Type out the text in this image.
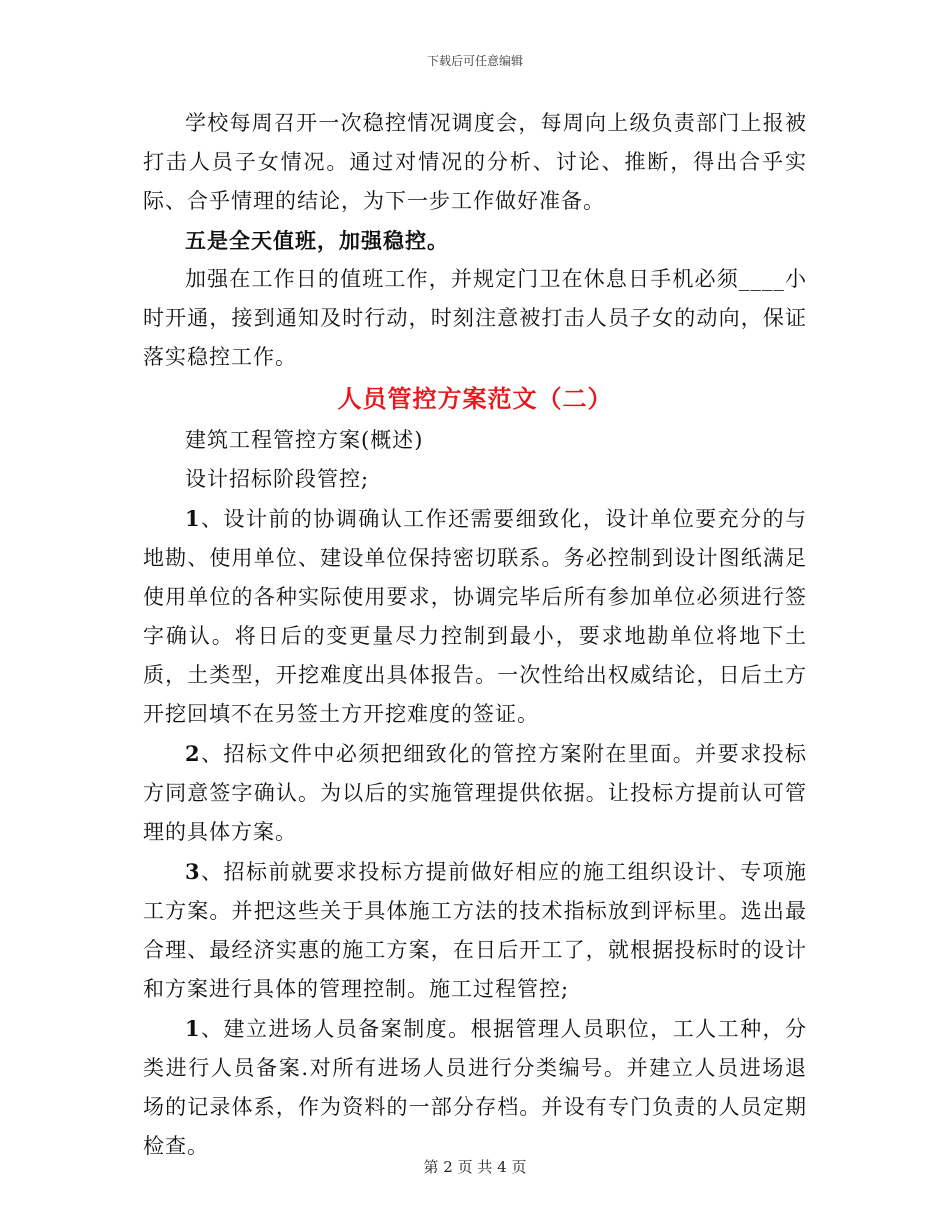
下载后可任意编辑

学校每周召开一次稳控情况调度会，每周向上级负责部门上报被打击人员子女情况。通过对情况的分析、讨论、推断，得出合乎实际、合乎情理的结论，为下一步工作做好准备。

五是全天值班，加强稳控。

加强在工作日的值班工作，并规定门卫在休息日手机必须____小时开通，接到通知及时行动，时刻注意被打击人员子女的动向，保证落实稳控工作。

人员管控方案范文（二）

建筑工程管控方案(概述)

设计招标阶段管控;

1、设计前的协调确认工作还需要细致化，设计单位要充分的与地勘、使用单位、建设单位保持密切联系。务必控制到设计图纸满足使用单位的各种实际使用要求，协调完毕后所有参加单位必须进行签字确认。将日后的变更量尽力控制到最小，要求地勘单位将地下土质，土类型，开挖难度出具体报告。一次性给出权威结论，日后土方开挖回填不在另签土方开挖难度的签证。

2、招标文件中必须把细致化的管控方案附在里面。并要求投标方同意签字确认。为以后的实施管理提供依据。让投标方提前认可管理的具体方案。

3、招标前就要求投标方提前做好相应的施工组织设计、专项施工方案。并把这些关于具体施工方法的技术指标放到评标里。选出最合理、最经济实惠的施工方案，在日后开工了，就根据投标时的设计和方案进行具体的管理控制。施工过程管控;

1、建立进场人员备案制度。根据管理人员职位，工人工种，分类进行人员备案.对所有进场人员进行分类编号。并建立人员进场退场的记录体系，作为资料的一部分存档。并设有专门负责的人员定期检查。

第 2 页 共 4 页
